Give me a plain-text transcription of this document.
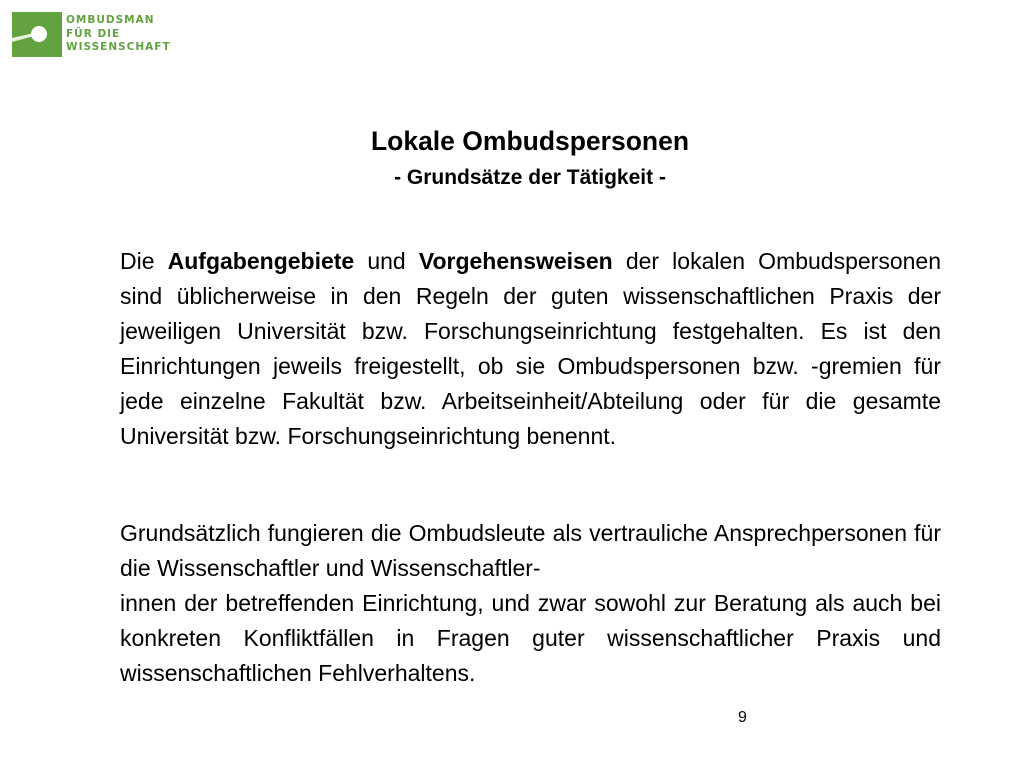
OMBUDSMAN
FÜR DIE
WISSENSCHAFT
Lokale Ombudspersonen
- Grundsätze der Tätigkeit -

Die Aufgabengebiete und Vorgehensweisen der lokalen Ombudspersonen sind üblicherweise in den Regeln der guten wissenschaftlichen Praxis der jeweiligen Universität bzw. Forschungseinrichtung festgehalten. Es ist den Einrichtungen jeweils freigestellt, ob sie Ombudspersonen bzw. -gremien für jede einzelne Fakultät bzw. Arbeitseinheit/Abteilung oder für die gesamte Universität bzw. Forschungseinrichtung benennt.

Grundsätzlich fungieren die Ombudsleute als vertrauliche Ansprechpersonen für die Wissenschaftler und Wissenschaftler-
innen der betreffenden Einrichtung, und zwar sowohl zur Beratung als auch bei konkreten Konfliktfällen in Fragen guter wissenschaftlicher Praxis und wissenschaftlichen Fehlverhaltens.

9
